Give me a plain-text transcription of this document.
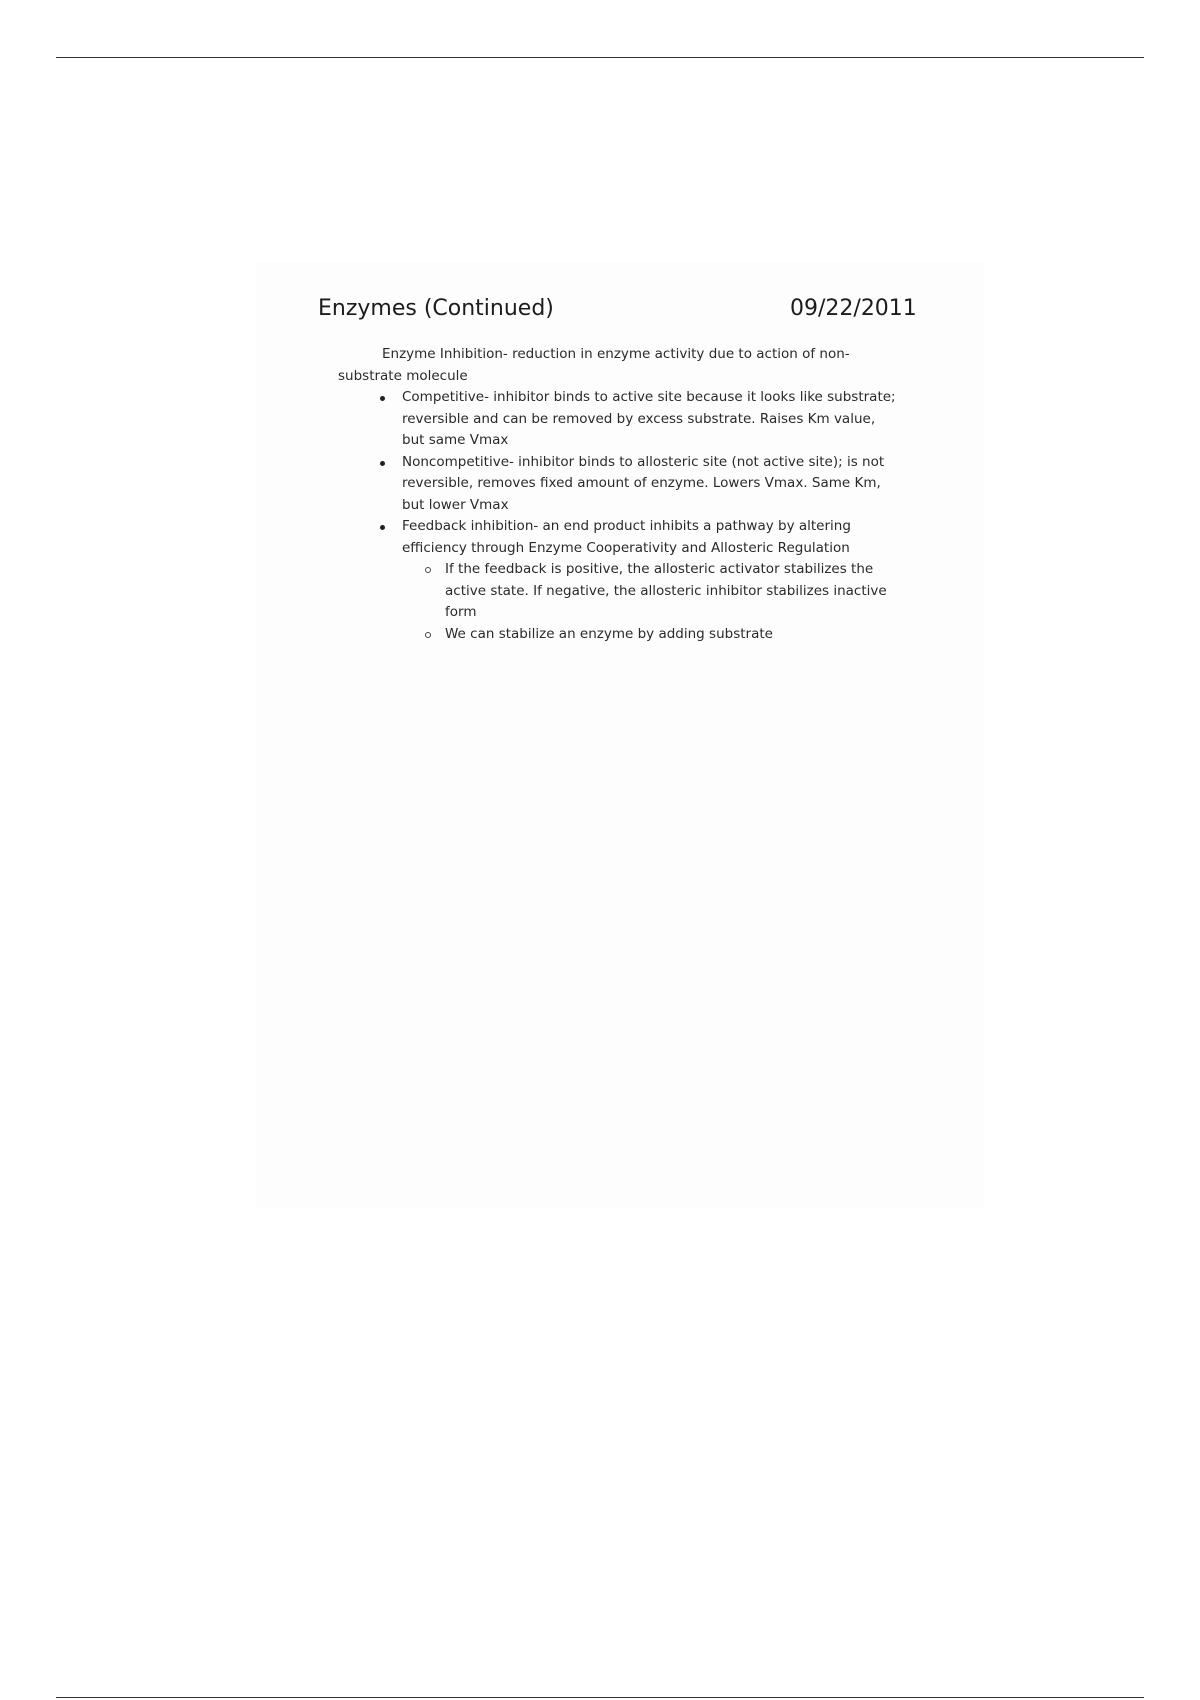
Enzymes (Continued)	09/22/2011

Enzyme Inhibition- reduction in enzyme activity due to action of non-substrate molecule

Competitive- inhibitor binds to active site because it looks like substrate; reversible and can be removed by excess substrate. Raises Km value, but same Vmax
Noncompetitive- inhibitor binds to allosteric site (not active site); is not reversible, removes fixed amount of enzyme. Lowers Vmax. Same Km, but lower Vmax
Feedback inhibition- an end product inhibits a pathway by altering efficiency through Enzyme Cooperativity and Allosteric Regulation
If the feedback is positive, the allosteric activator stabilizes the active state. If negative, the allosteric inhibitor stabilizes inactive form
We can stabilize an enzyme by adding substrate
